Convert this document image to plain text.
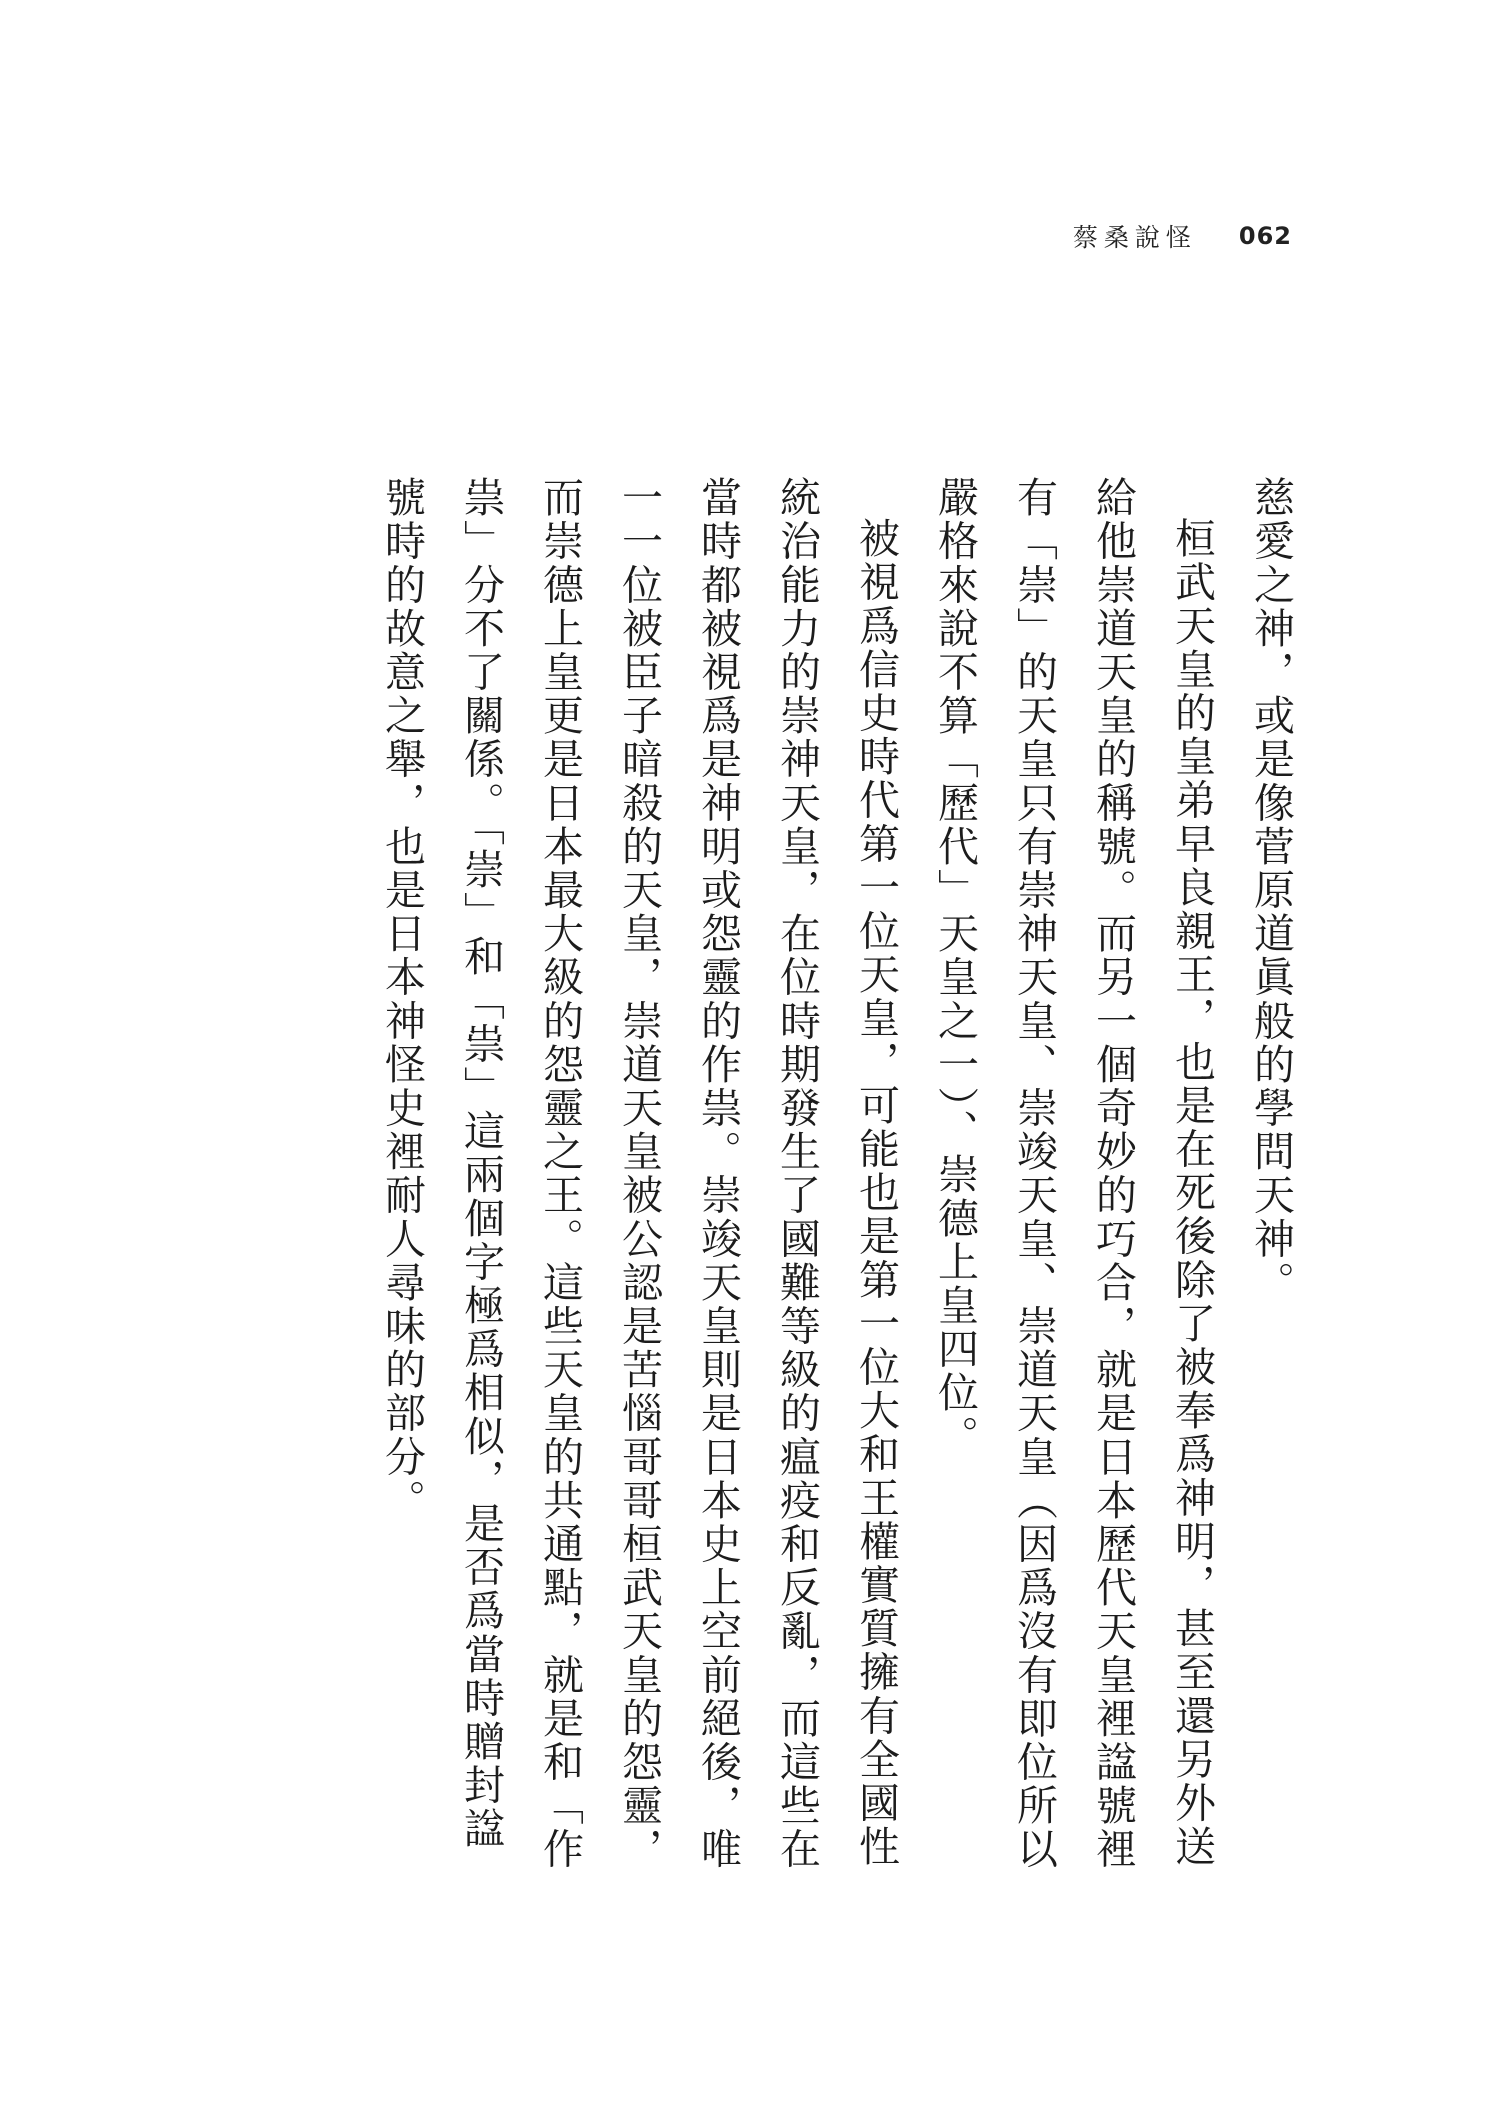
蔡桑說怪 062

慈愛之神，或是像菅原道眞般的學問天神。

桓武天皇的皇弟早良親王，也是在死後除了被奉爲神明，甚至還另外送給他崇道天皇的稱號。而另一個奇妙的巧合，就是日本歷代天皇裡諡號裡有「崇」的天皇只有崇神天皇、崇竣天皇、崇道天皇（因爲沒有即位所以嚴格來說不算「歷代」天皇之一）、崇德上皇四位。

被視爲信史時代第一位天皇，可能也是第一位大和王權實質擁有全國性統治能力的崇神天皇，在位時期發生了國難等級的瘟疫和反亂，而這些在當時都被視爲是神明或怨靈的作祟。崇竣天皇則是日本史上空前絕後，唯一一位被臣子暗殺的天皇，崇道天皇被公認是苦惱哥哥桓武天皇的怨靈，而崇德上皇更是日本最大級的怨靈之王。這些天皇的共通點，就是和「作祟」分不了關係。「崇」和「祟」這兩個字極爲相似，是否爲當時贈封諡號時的故意之舉，也是日本神怪史裡耐人尋味的部分。
